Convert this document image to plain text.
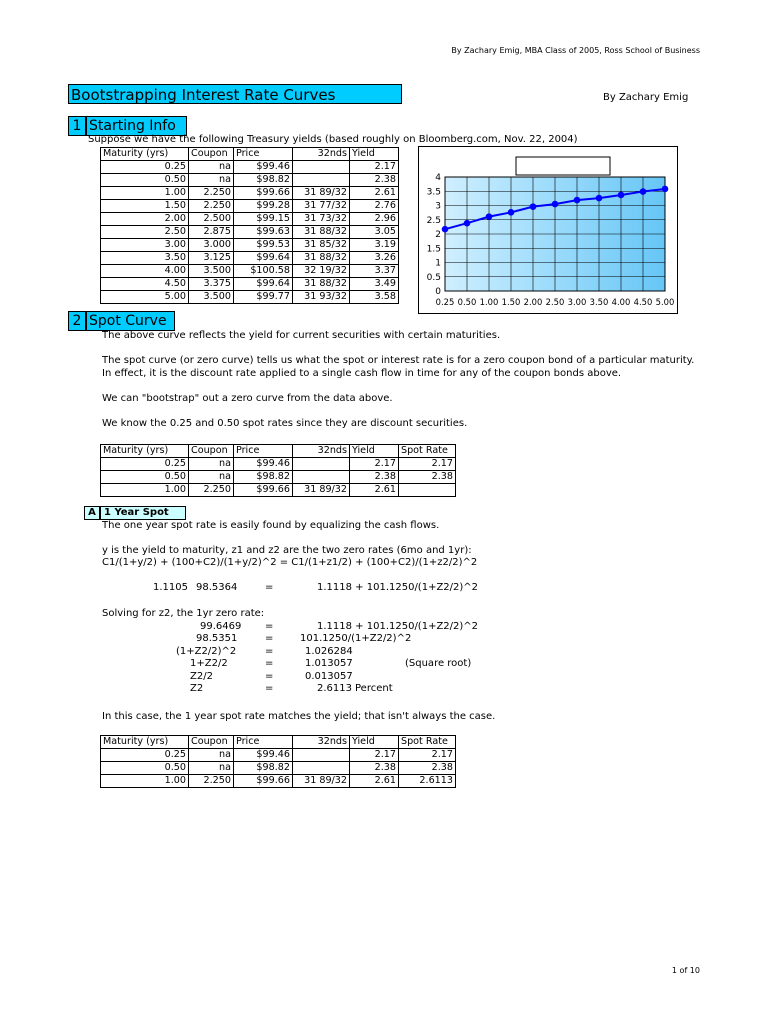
By Zachary Emig, MBA Class of 2005, Ross School of Business
Bootstrapping Interest Rate Curves	By Zachary Emig
1 Starting Info
Suppose we have the following Treasury yields (based roughly on Bloomberg.com, Nov. 22, 2004)
Maturity (yrs)	Coupon	Price	32nds	Yield
0.25	na	$99.46		2.17
0.50	na	$98.82		2.38
1.00	2.250	$99.66	31 89/32	2.61
1.50	2.250	$99.28	31 77/32	2.76
2.00	2.500	$99.15	31 73/32	2.96
2.50	2.875	$99.63	31 88/32	3.05
3.00	3.000	$99.53	31 85/32	3.19
3.50	3.125	$99.64	31 88/32	3.26
4.00	3.500	$100.58	32 19/32	3.37
4.50	3.375	$99.64	31 88/32	3.49
5.00	3.500	$99.77	31 93/32	3.58	0
0.5
1
1.5
2
2.5
3
3.5
4
0.25 0.50 1.00 1.50 2.00 2.50 3.00 3.50 4.00 4.50 5.00
2 Spot Curve
The above curve reflects the yield for current securities with certain maturities.
The spot curve (or zero curve) tells us what the spot or interest rate is for a zero coupon bond of a particular maturity.
In effect, it is the discount rate applied to a single cash flow in time for any of the coupon bonds above.
We can "bootstrap" out a zero curve from the data above.
We know the 0.25 and 0.50 spot rates since they are discount securities.
Maturity (yrs)	Coupon	Price	32nds	Yield	Spot Rate
0.25	na	$99.46		2.17	2.17
0.50	na	$98.82		2.38	2.38
1.00	2.250	$99.66	31 89/32	2.61	
A 1 Year Spot
The one year spot rate is easily found by equalizing the cash flows.
y is the yield to maturity, z1 and z2 are the two zero rates (6mo and 1yr):
C1/(1+y/2) + (100+C2)/(1+y/2)^2 = C1/(1+z1/2) + (100+C2)/(1+z2/2)^2
1.1105 98.5364	=	1.1118 + 101.1250/(1+Z2/2)^2
Solving for z2, the 1yr zero rate:
99.6469 =	1.1118 + 101.1250/(1+Z2/2)^2
98.5351	=	101.1250/(1+Z2/2)^2
(1+Z2/2)^2	=	1.026284
1+Z2/2	=	1.013057	(Square root)
Z2/2	=	0.013057
Z2	=	2.6113 Percent
In this case, the 1 year spot rate matches the yield; that isn't always the case.
Maturity (yrs)	Coupon	Price	32nds	Yield	Spot Rate
0.25	na	$99.46		2.17	2.17
0.50	na	$98.82		2.38	2.38
1.00	2.250	$99.66	31 89/32	2.61	2.6113
1 of 10
